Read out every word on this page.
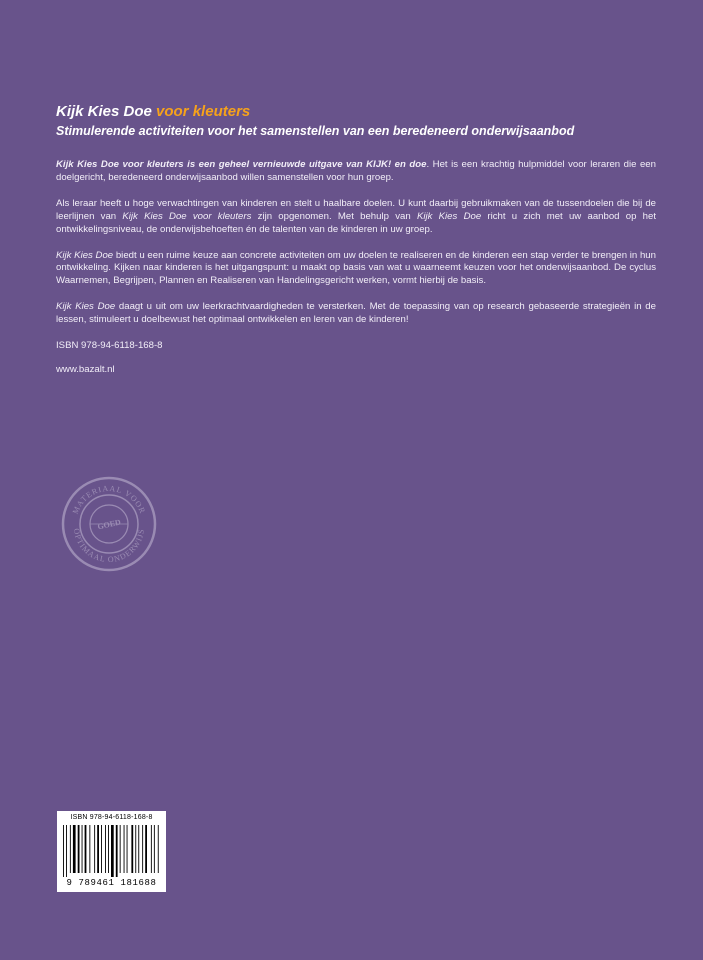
Kijk Kies Doe voor kleuters

Stimulerende activiteiten voor het samenstellen van een beredeneerd onderwijsaanbod

Kijk Kies Doe voor kleuters is een geheel vernieuwde uitgave van KIJK! en doe. Het is een krachtig hulpmiddel voor leraren die een doelgericht, beredeneerd onderwijsaanbod willen samenstellen voor hun groep.

Als leraar heeft u hoge verwachtingen van kinderen en stelt u haalbare doelen. U kunt daarbij gebruikmaken van de tussendoelen die bij de leerlijnen van Kijk Kies Doe voor kleuters zijn opgenomen. Met behulp van Kijk Kies Doe richt u zich met uw aanbod op het ontwikkelingsniveau, de onderwijsbehoeften én de talenten van de kinderen in uw groep.

Kijk Kies Doe biedt u een ruime keuze aan concrete activiteiten om uw doelen te realiseren en de kinderen een stap verder te brengen in hun ontwikkeling. Kijken naar kinderen is het uitgangspunt: u maakt op basis van wat u waarneemt keuzen voor het onderwijsaanbod. De cyclus Waarnemen, Begrijpen, Plannen en Realiseren van Handelingsgericht werken, vormt hierbij de basis.

Kijk Kies Doe daagt u uit om uw leerkrachtvaardigheden te versterken. Met de toepassing van op research gebaseerde strategieën in de lessen, stimuleert u doelbewust het optimaal ontwikkelen en leren van de kinderen!

ISBN 978-94-6118-168-8
www.bazalt.nl
MATERIAAL VOOR
OPTIMAAL ONDERWIJS
GOED
ISBN 978-94-6118-168-8
9 789461 181688
